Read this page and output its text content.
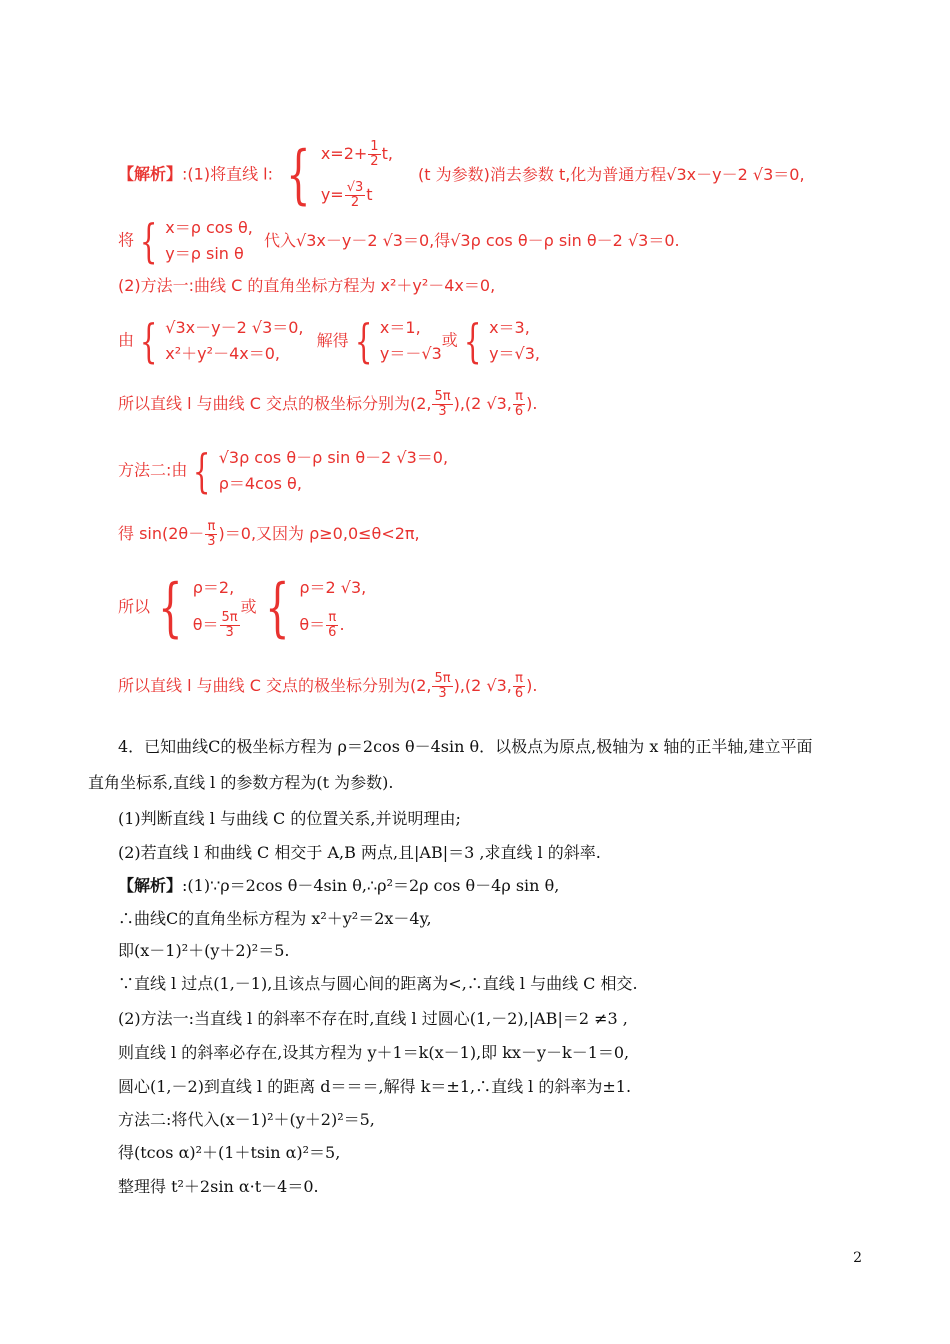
【解析】:(1)将直线 l: { $x=2+ \frac{1}{2} t$,
$y= \frac{√3}{2}$ t
(t 为参数)消去参数 t,化为普通方程√3x－y－2 √3＝0,
将 { x＝ρ cos θ,
y＝ρ sin θ
代入√3x－y－2 √3＝0,得√3ρ cos θ－ρ sin θ－2 √3＝0.
(2)方法一:曲线 C 的直角坐标方程为 x²＋y²－4x＝0,
由 { √3x－y－2 √3＝0,
x²＋y²－4x＝0,
解得 { x＝1,
y＝－√3
或 { x＝3,
y＝√3,
所以直线 l 与曲线 C 交点的极坐标分别为(2, $\frac{5\pi}{3} ),(2$ √3, $\frac{\pi}{6}$ ).
方法二:由 { √3ρ cos θ－ρ sin θ－2 √3＝0,
ρ＝4cos θ,
得 $\sin(2\theta- \frac{\pi}{3} )=0$,又因为 ρ≥0,0≤θ<2π,
所以 { ρ＝2,
$\theta= \frac{5\pi}{3}$
或 { ρ＝2 √3,
$\theta= \frac{\pi}{6}$ .
所以直线 l 与曲线 C 交点的极坐标分别为(2, $\frac{5\pi}{3} ),(2$ √3, $\frac{\pi}{6}$ ).
4．已知曲线C的极坐标方程为 ρ＝2cos θ－4sin θ．以极点为原点,极轴为 x 轴的正半轴,建立平面
直角坐标系,直线 l 的参数方程为(t 为参数).
(1)判断直线 l 与曲线 C 的位置关系,并说明理由;
(2)若直线 l 和曲线 C 相交于 A,B 两点,且|AB|＝3 ,求直线 l 的斜率.
【解析】:(1)∵ρ＝2cos θ－4sin θ,∴ρ²＝2ρ cos θ－4ρ sin θ,
∴曲线C的直角坐标方程为 x²＋y²＝2x－4y,
即(x－1)²＋(y＋2)²＝5.
∵直线 l 过点(1,－1),且该点与圆心间的距离为<,∴直线 l 与曲线 C 相交.
(2)方法一:当直线 l 的斜率不存在时,直线 l 过圆心(1,－2),|AB|＝2 ≠3 ,
则直线 l 的斜率必存在,设其方程为 y＋1＝k(x－1),即 kx－y－k－1＝0,
圆心(1,－2)到直线 l 的距离 d＝＝＝,解得 k＝±1,∴直线 l 的斜率为±1.
方法二:将代入(x－1)²＋(y＋2)²＝5,
得(tcos α)²＋(1＋tsin α)²＝5,
整理得 t²＋2sin α·t－4＝0.
2
